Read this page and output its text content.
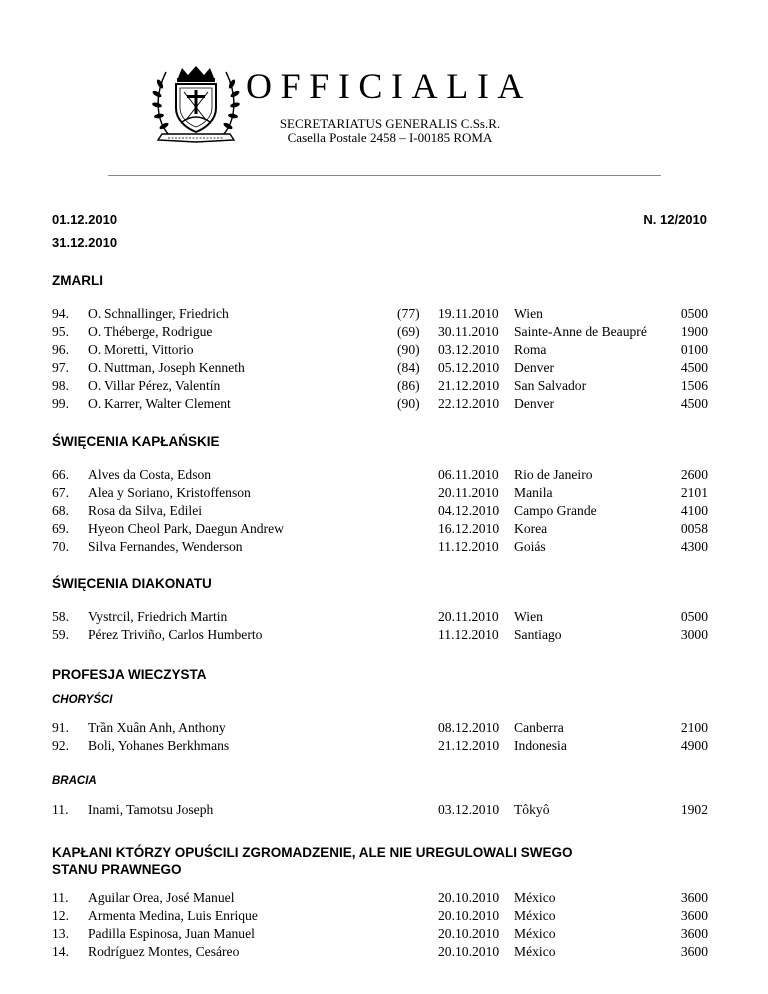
OFFICIALIA
SECRETARIATUS GENERALIS C.Ss.R.
Casella Postale 2458 – I-00185 ROMA
01.12.2010
31.12.2010
N. 12/2010
ZMARLI
94. O. Schnallinger, Friedrich	(77) 19.11.2010 Wien	0500
95. O. Théberge, Rodrigue	(69) 30.11.2010 Sainte-Anne de Beaupré 1900
96. O. Moretti, Vittorio	(90) 03.12.2010 Roma	0100
97. O. Nuttman, Joseph Kenneth	(84) 05.12.2010 Denver	4500
98. O. Villar Pérez, Valentín	(86) 21.12.2010 San Salvador	1506
99. O. Karrer, Walter Clement	(90) 22.12.2010 Denver	4500
ŚWIĘCENIA KAPŁAŃSKIE
66. Alves da Costa, Edson	06.11.2010 Rio de Janeiro	2600
67. Alea y Soriano, Kristoffenson	20.11.2010 Manila	2101
68. Rosa da Silva, Edilei	04.12.2010 Campo Grande	4100
69. Hyeon Cheol Park, Daegun Andrew	16.12.2010 Korea	0058
70. Silva Fernandes, Wenderson	11.12.2010 Goiás	4300
ŚWIĘCENIA DIAKONATU
58. Vystrcil, Friedrich Martin	20.11.2010 Wien	0500
59. Pérez Triviño, Carlos Humberto	11.12.2010 Santiago	3000
PROFESJA WIECZYSTA
CHORYŚCI
91. Trần Xuân Anh, Anthony	08.12.2010 Canberra	2100
92. Boli, Yohanes Berkhmans	21.12.2010 Indonesia	4900
BRACIA
11. Inami, Tamotsu Joseph	03.12.2010 Tôkyô	1902
KAPŁANI KTÓRZY OPUŚCILI ZGROMADZENIE, ALE NIE UREGULOWALI SWEGO
STANU PRAWNEGO
11. Aguilar Orea, José Manuel	20.10.2010 México	3600
12. Armenta Medina, Luis Enrique	20.10.2010 México	3600
13. Padilla Espinosa, Juan Manuel	20.10.2010 México	3600
14. Rodríguez Montes, Cesáreo	20.10.2010 México	3600
